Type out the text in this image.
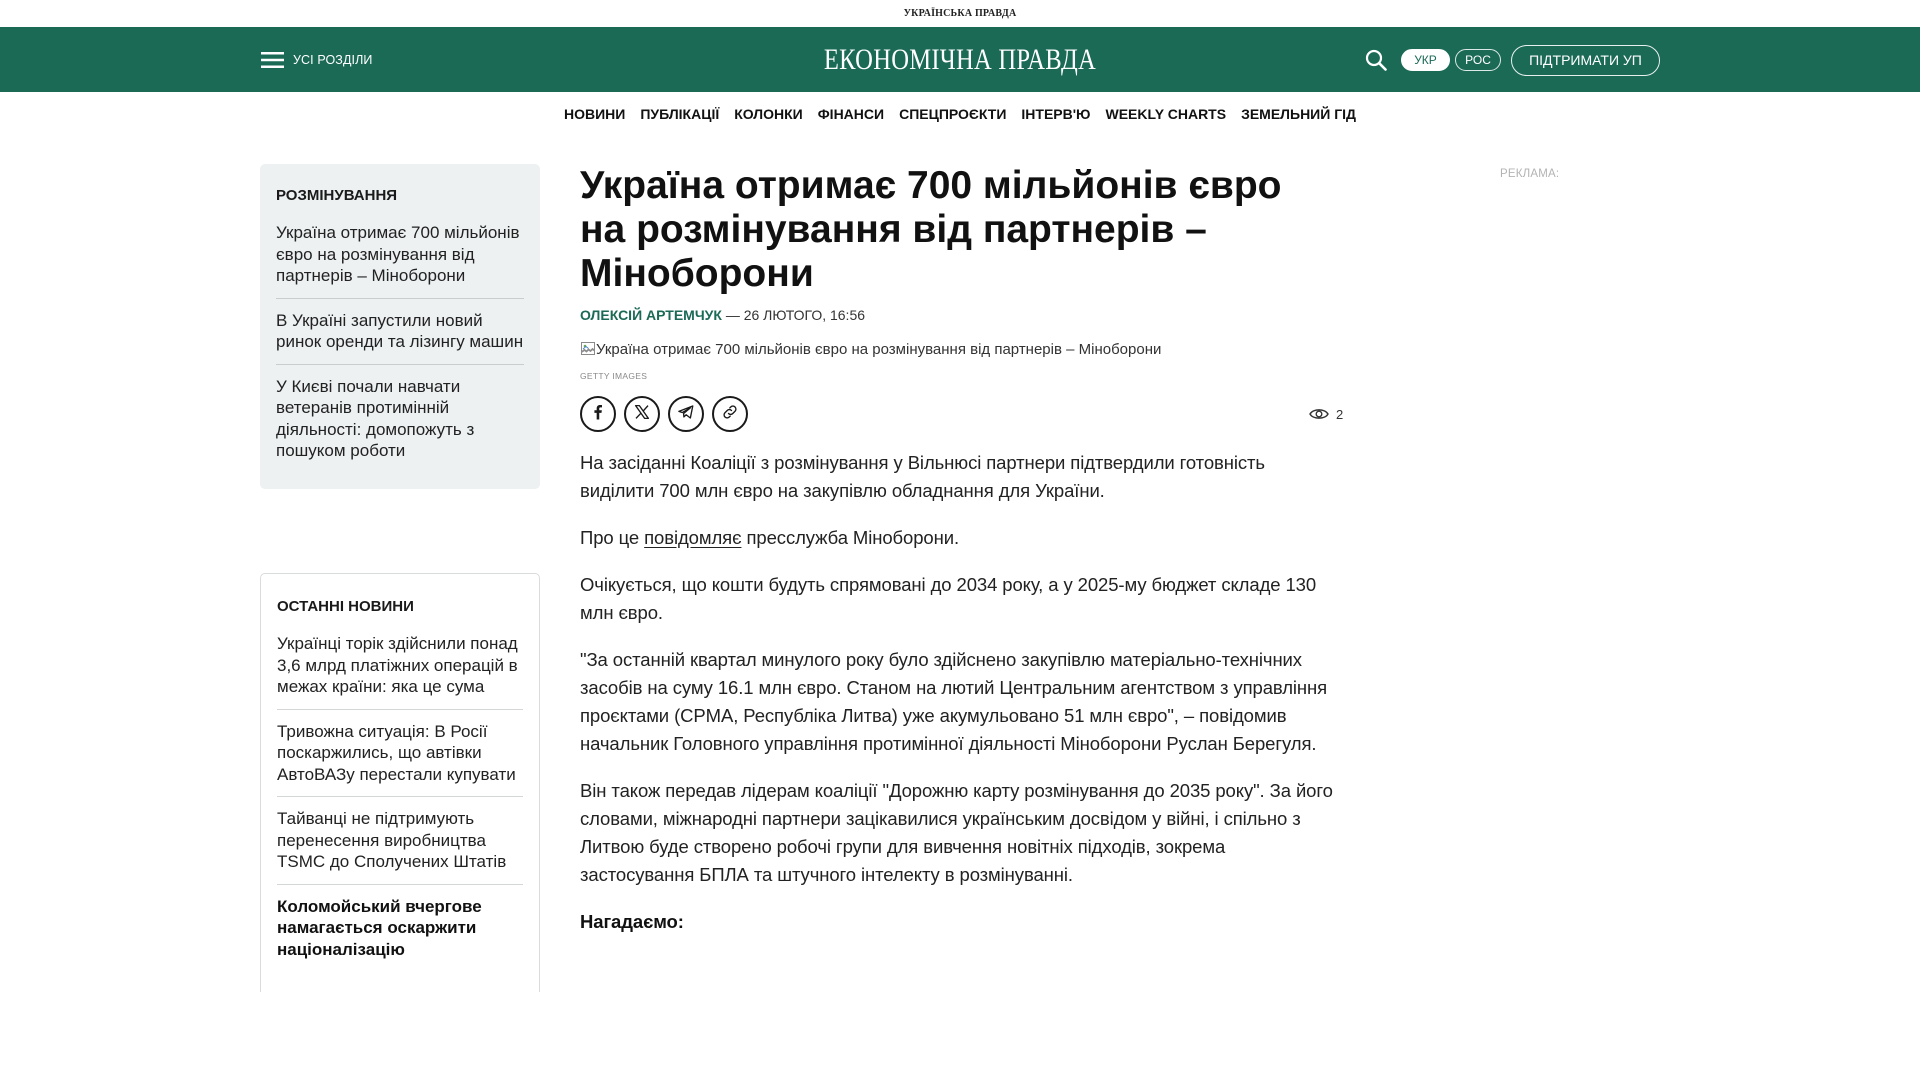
УКРАЇНСЬКА ПРАВДА
УСІ РОЗДІЛИ	ЕКОНОМІЧНА ПРАВДА	УКР	РОС	ПІДТРИМАТИ УП
НОВИНИ ПУБЛІКАЦІЇ КОЛОНКИ ФІНАНСИ СПЕЦПРОЄКТИ ІНТЕРВ'Ю WEEKLY CHARTS ЗЕМЕЛЬНИЙ ГІД
РОЗМІНУВАННЯ
Україна отримає 700 мільйонів євро на розмінування від партнерів – Міноборони
В Україні запустили новий ринок оренди та лізингу машин
У Києві почали навчати ветеранів протимінній діяльності: домопожуть з пошуком роботи
ОСТАННІ НОВИНИ
Українці торік здійснили понад 3,6 млрд платіжних операцій в межах країни: яка це сума
Тривожна ситуація: В Росії поскаржились, що автівки АвтоВАЗу перестали купувати
Тайванці не підтримують перенесення виробництва TSMC до Сполучених Штатів
Коломойський вчергове намагається оскаржити націоналізацію
Україна отримає 700 мільйонів євро на розмінування від партнерів – Міноборони
ОЛЕКСІЙ АРТЕМЧУК — 26 ЛЮТОГО, 16:56
Україна отримає 700 мільйонів євро на розмінування від партнерів – Міноборони
GETTY IMAGES
2

На засіданні Коаліції з розмінування у Вільнюсі партнери підтвердили готовність виділити 700 млн євро на закупівлю обладнання для України.

Про це повідомляє пресслужба Міноборони.

Очікується, що кошти будуть спрямовані до 2034 року, а у 2025-му бюджет складе 130 млн євро.

"За останній квартал минулого року було здійснено закупівлю матеріально-технічних засобів на суму 16.1 млн євро. Станом на лютий Центральним агентством з управління проєктами (CPMA, Республіка Литва) уже акумульовано 51 млн євро", – повідомив начальник Головного управління протимінної діяльності Міноборони Руслан Берегуля.

Він також передав лідерам коаліції "Дорожню карту розмінування до 2035 року". За його словами, міжнародні партнери зацікавилися українським досвідом у війні, і спільно з Литвою буде створено робочі групи для вивчення новітніх підходів, зокрема застосування БПЛА та штучного інтелекту в розмінуванні.

Нагадаємо:

РЕКЛАМА:
